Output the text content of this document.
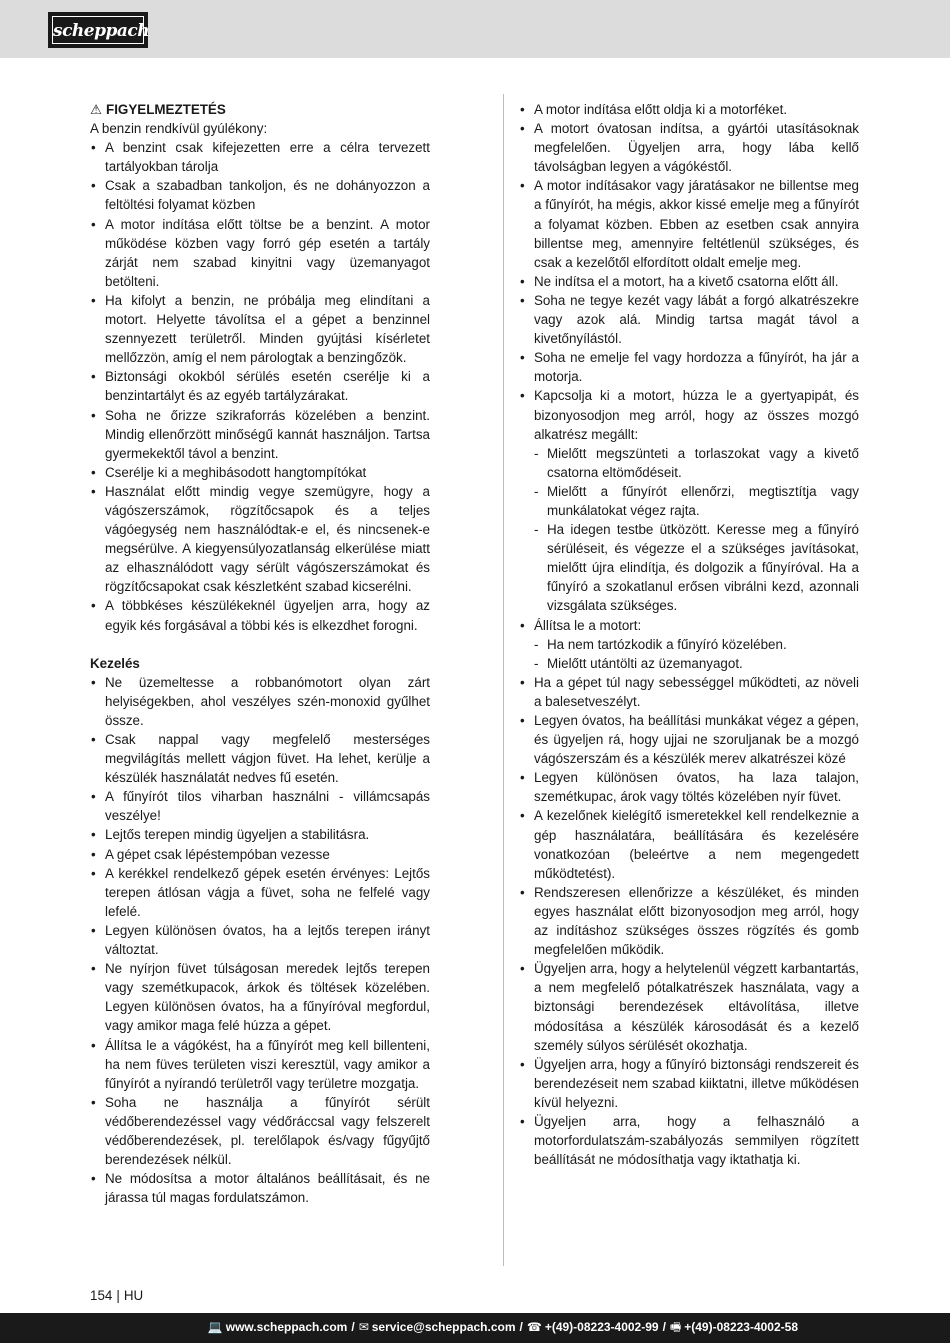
scheppach
⚠ FIGYELMEZTETÉS
A benzin rendkívül gyúlékony:
• A benzint csak kifejezetten erre a célra tervezett tartályokban tárolja
• Csak a szabadban tankoljon, és ne dohányozzon a feltöltési folyamat közben
• A motor indítása előtt töltse be a benzint. A motor működése közben vagy forró gép esetén a tartály zárját nem szabad kinyitni vagy üzemanyagot betölteni.
• Ha kifolyt a benzin, ne próbálja meg elindítani a motort. Helyette távolítsa el a gépet a benzinnel szennyezett területről. Minden gyújtási kísérletet mellőzzön, amíg el nem párologtak a benzingőzök.
• Biztonsági okokból sérülés esetén cserélje ki a benzintartályt és az egyéb tartályzárakat.
• Soha ne őrizze szikraforrás közelében a benzint. Mindig ellenőrzött minőségű kannát használjon. Tartsa gyermekektől távol a benzint.
• Cserélje ki a meghibásodott hangtompítókat
• Használat előtt mindig vegye szemügyre, hogy a vágószerszámok, rögzítőcsapok és a teljes vágóegység nem használódtak-e el, és nincsenek-e megsérülve. A kiegyensúlyozatlanság elkerülése miatt az elhasználódott vagy sérült vágószerszámokat és rögzítőcsapokat csak készletként szabad kicserélni.
• A többkéses készülékeknél ügyeljen arra, hogy az egyik kés forgásával a többi kés is elkezdhet forogni.
Kezelés
• Ne üzemeltesse a robbanómotort olyan zárt helyiségekben, ahol veszélyes szén-monoxid gyűlhet össze.
• Csak nappal vagy megfelelő mesterséges megvilágítás mellett vágjon füvet. Ha lehet, kerülje a készülék használatát nedves fű esetén.
• A fűnyírót tilos viharban használni - villámcsapás veszélye!
• Lejtős terepen mindig ügyeljen a stabilitásra.
• A gépet csak lépéstempóban vezesse
• A kerékkel rendelkező gépek esetén érvényes: Lejtős terepen átlósan vágja a füvet, soha ne felfelé vagy lefelé.
• Legyen különösen óvatos, ha a lejtős terepen irányt változtat.
• Ne nyírjon füvet túlságosan meredek lejtős terepen vagy szemétkupacok, árkok és töltések közelében. Legyen különösen óvatos, ha a fűnyíróval megfordul, vagy amikor maga felé húzza a gépet.
• Állítsa le a vágókést, ha a fűnyírót meg kell billenteni, ha nem füves területen viszi keresztül, vagy amikor a fűnyírót a nyírandó területről vagy területre mozgatja.
• Soha ne használja a fűnyírót sérült védőberendezéssel vagy védőráccsal vagy felszerelt védőberendezések, pl. terelőlapok és/vagy fűgyűjtő berendezések nélkül.
• Ne módosítsa a motor általános beállításait, és ne járassa túl magas fordulatszámon.
• A motor indítása előtt oldja ki a motorféket.
• A motort óvatosan indítsa, a gyártói utasításoknak megfelelően. Ügyeljen arra, hogy lába kellő távolságban legyen a vágókéstől.
• A motor indításakor vagy járatásakor ne billentse meg a fűnyírót, ha mégis, akkor kissé emelje meg a fűnyírót a folyamat közben. Ebben az esetben csak annyira billentse meg, amennyire feltétlenül szükséges, és csak a kezelőtől elfordított oldalt emelje meg.
• Ne indítsa el a motort, ha a kivető csatorna előtt áll.
• Soha ne tegye kezét vagy lábát a forgó alkatrészekre vagy azok alá. Mindig tartsa magát távol a kivetőnyílástól.
• Soha ne emelje fel vagy hordozza a fűnyírót, ha jár a motorja.
• Kapcsolja ki a motort, húzza le a gyertyapipát, és bizonyosodjon meg arról, hogy az összes mozgó alkatrész megállt:
- Mielőtt megszünteti a torlaszokat vagy a kivető csatorna eltömődéseit.
- Mielőtt a fűnyírót ellenőrzi, megtisztítja vagy munkálatokat végez rajta.
- Ha idegen testbe ütközött. Keresse meg a fűnyíró sérüléseit, és végezze el a szükséges javításokat, mielőtt újra elindítja, és dolgozik a fűnyíróval. Ha a fűnyíró a szokatlanul erősen vibrálni kezd, azonnali vizsgálata szükséges.
• Állítsa le a motort:
- Ha nem tartózkodik a fűnyíró közelében.
- Mielőtt utántölti az üzemanyagot.
• Ha a gépet túl nagy sebességgel működteti, az növeli a balesetveszélyt.
• Legyen óvatos, ha beállítási munkákat végez a gépen, és ügyeljen rá, hogy ujjai ne szoruljanak be a mozgó vágószerszám és a készülék merev alkatrészei közé
• Legyen különösen óvatos, ha laza talajon, szemétkupac, árok vagy töltés közelében nyír füvet.
• A kezelőnek kielégítő ismeretekkel kell rendelkeznie a gép használatára, beállítására és kezelésére vonatkozóan (beleértve a nem megengedett működtetést).
• Rendszeresen ellenőrizze a készüléket, és minden egyes használat előtt bizonyosodjon meg arról, hogy az indításhoz szükséges összes rögzítés és gomb megfelelően működik.
• Ügyeljen arra, hogy a helytelenül végzett karbantartás, a nem megfelelő pótalkatrészek használata, vagy a biztonsági berendezések eltávolítása, illetve módosítása a készülék károsodását és a kezelő személy súlyos sérülését okozhatja.
• Ügyeljen arra, hogy a fűnyíró biztonsági rendszereit és berendezéseit nem szabad kiiktatni, illetve működésen kívül helyezni.
• Ügyeljen arra, hogy a felhasználó a motorfordulatszám-szabályozás semmilyen rögzített beállítását ne módosíthatja vagy iktathatja ki.
154 | HU
💻 www.scheppach.com / ✉ service@scheppach.com / ☎ +(49)-08223-4002-99 / 🖷 +(49)-08223-4002-58
